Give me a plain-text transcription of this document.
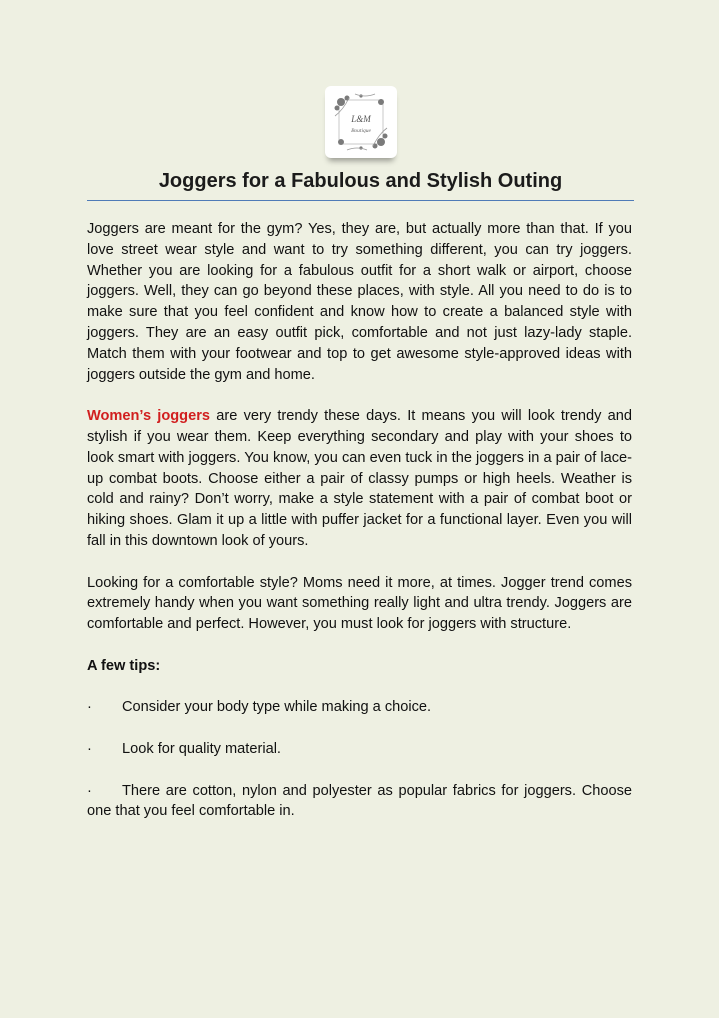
L&M
Boutique
Joggers for a Fabulous and Stylish Outing

Joggers are meant for the gym? Yes, they are, but actually more than that. If you love street wear style and want to try something different, you can try joggers. Whether you are looking for a fabulous outfit for a short walk or airport, choose joggers. Well, they can go beyond these places, with style. All you need to do is to make sure that you feel confident and know how to create a balanced style with joggers. They are an easy outfit pick, comfortable and not just lazy-lady staple. Match them with your footwear and top to get awesome style-approved ideas with joggers outside the gym and home.

Women’s joggers are very trendy these days. It means you will look trendy and stylish if you wear them. Keep everything secondary and play with your shoes to look smart with joggers. You know, you can even tuck in the joggers in a pair of lace-up combat boots. Choose either a pair of classy pumps or high heels. Weather is cold and rainy? Don’t worry, make a style statement with a pair of combat boot or hiking shoes. Glam it up a little with puffer jacket for a functional layer. Even you will fall in this downtown look of yours.

Looking for a comfortable style? Moms need it more, at times. Jogger trend comes extremely handy when you want something really light and ultra trendy. Joggers are comfortable and perfect. However, you must look for joggers with structure.

A few tips:

· Consider your body type while making a choice.

· Look for quality material.

· There are cotton, nylon and polyester as popular fabrics for joggers. Choose one that you feel comfortable in.
